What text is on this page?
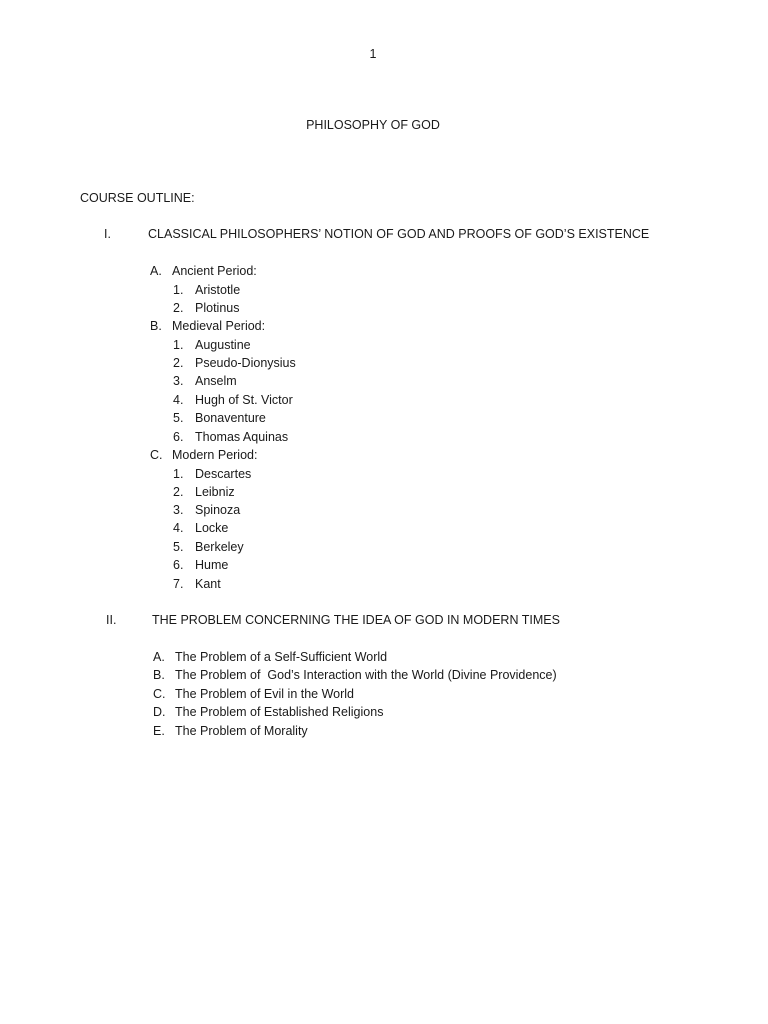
1
PHILOSOPHY OF GOD
COURSE OUTLINE:
I.	CLASSICAL PHILOSOPHERS’ NOTION OF GOD AND PROOFS OF GOD’S EXISTENCE
A. Ancient Period:
1. Aristotle
2. Plotinus
B. Medieval Period:
1. Augustine
2. Pseudo-Dionysius
3. Anselm
4. Hugh of St. Victor
5. Bonaventure
6. Thomas Aquinas
C. Modern Period:
1. Descartes
2. Leibniz
3. Spinoza
4. Locke
5. Berkeley
6. Hume
7. Kant
II.	THE PROBLEM CONCERNING THE IDEA OF GOD IN MODERN TIMES
A. The Problem of a Self-Sufficient World
B. The Problem of  God’s Interaction with the World (Divine Providence)
C. The Problem of Evil in the World
D. The Problem of Established Religions
E. The Problem of Morality
